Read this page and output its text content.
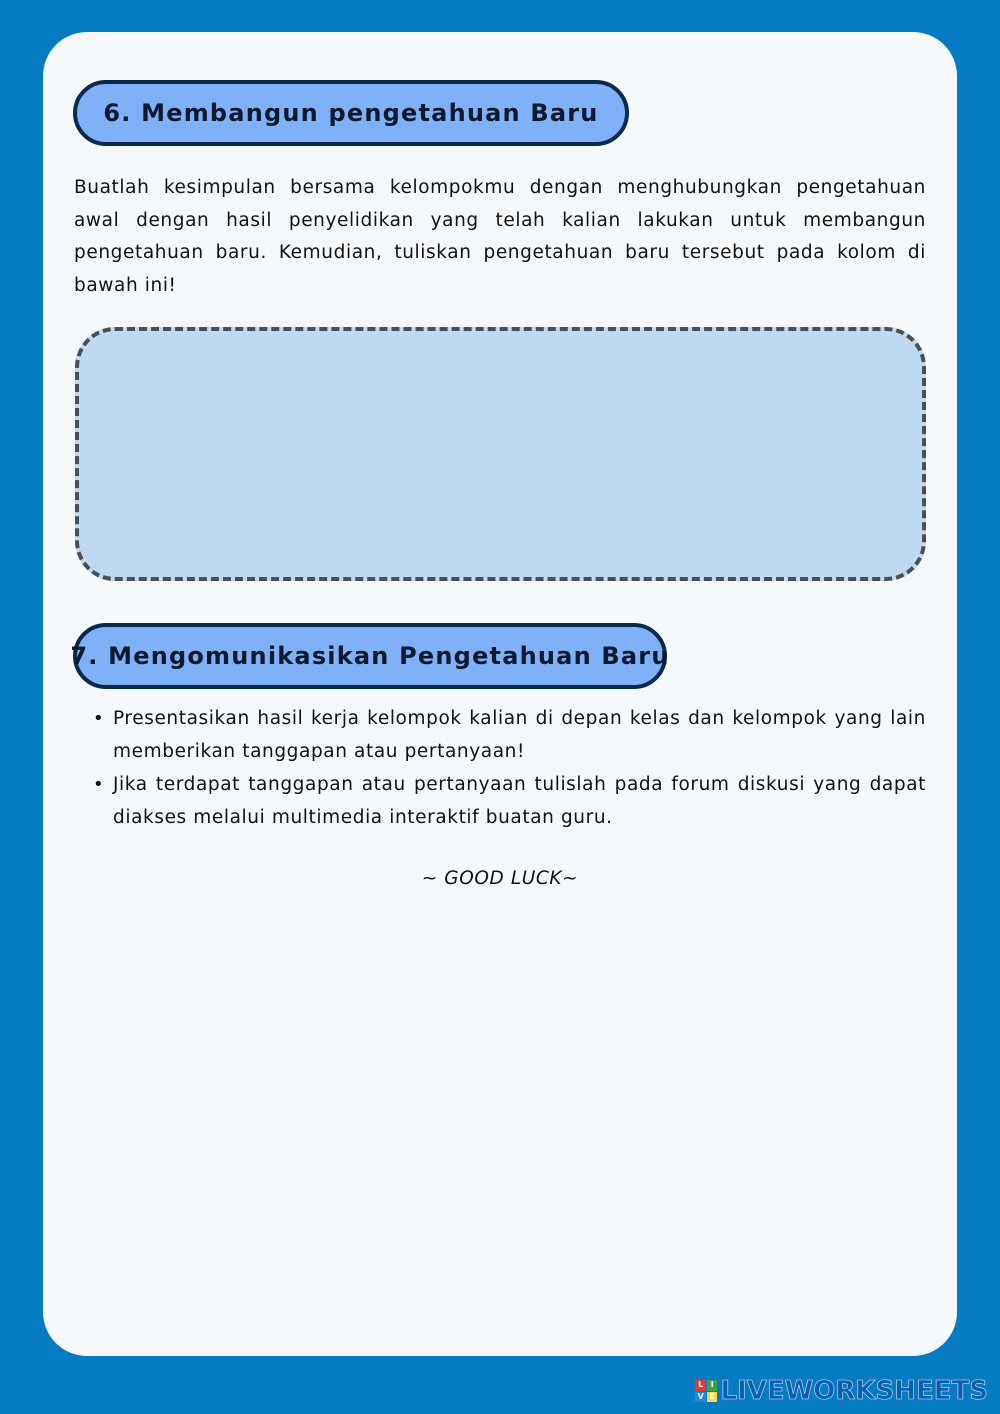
6. Membangun pengetahuan Baru

Buatlah kesimpulan bersama kelompokmu dengan menghubungkan pengetahuan awal dengan hasil penyelidikan yang telah kalian lakukan untuk membangun pengetahuan baru. Kemudian, tuliskan pengetahuan baru tersebut pada kolom di bawah ini!

7. Mengomunikasikan Pengetahuan Baru
• Presentasikan hasil kerja kelompok kalian di depan kelas dan kelompok yang lain memberikan tanggapan atau pertanyaan!
• Jika terdapat tanggapan atau pertanyaan tulislah pada forum diskusi yang dapat diakses melalui multimedia interaktif buatan guru.
~ GOOD LUCK~
L I
V E LIVEWORKSHEETS
